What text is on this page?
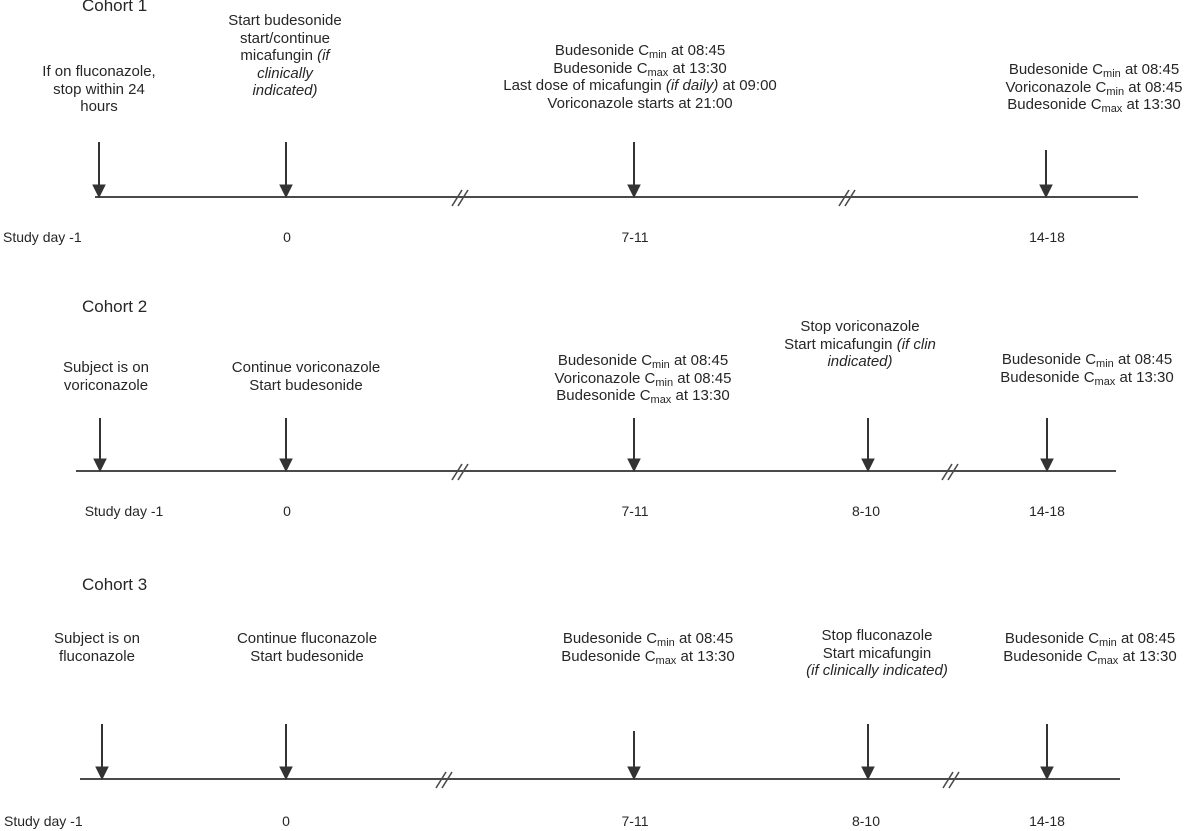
Cohort 1
If on fluconazole,
stop within 24
hours
Start budesonide
start/continue
micafungin (if
clinically
indicated)
Budesonide $C_{min}$ at 08:45
Budesonide $C_{max}$ at 13:30
Last dose of micafungin (if daily) at 09:00
Voriconazole starts at 21:00
Budesonide $C_{min}$ at 08:45
Voriconazole $C_{min}$ at 08:45
Budesonide $C_{max}$ at 13:30
Study day -1	0	7-11	14-18
Cohort 2
Subject is on
voriconazole
Continue voriconazole
Start budesonide
Budesonide $C_{min}$ at 08:45
Voriconazole $C_{min}$ at 08:45
Budesonide $C_{max}$ at 13:30
Stop voriconazole
Start micafungin (if clin
indicated)	Budesonide $C_{min}$ at 08:45
Budesonide $C_{max}$ at 13:30
Study day -1	0	7-11	8-10	14-18
Cohort 3
Subject is on
fluconazole
Continue fluconazole
Start budesonide
Budesonide $C_{min}$ at 08:45
Budesonide $C_{max}$ at 13:30
Stop fluconazole
Start micafungin
(if clinically indicated)
Budesonide $C_{min}$ at 08:45
Budesonide $C_{max}$ at 13:30
Study day -1	0	7-11	8-10	14-18
